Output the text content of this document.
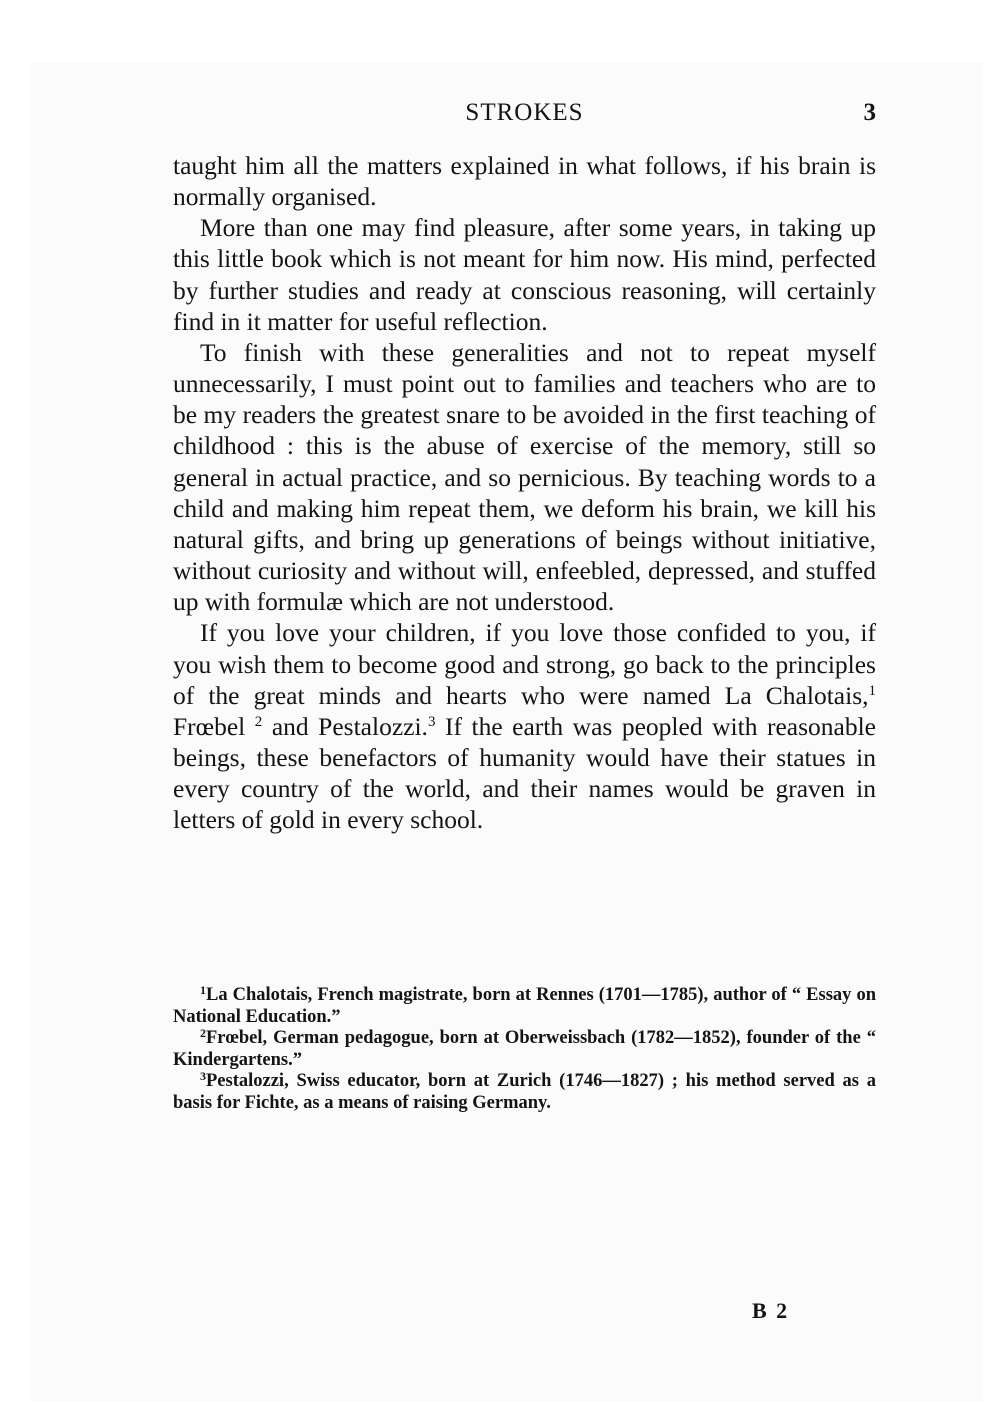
STROKES	3

taught him all the matters explained in what follows, if his brain is normally organised.

More than one may find pleasure, after some years, in taking up this little book which is not meant for him now. His mind, perfected by further studies and ready at conscious reasoning, will certainly find in it matter for useful reflection.

To finish with these generalities and not to repeat myself unnecessarily, I must point out to families and teachers who are to be my readers the greatest snare to be avoided in the first teaching of childhood : this is the abuse of exercise of the memory, still so general in actual practice, and so pernicious. By teaching words to a child and making him repeat them, we deform his brain, we kill his natural gifts, and bring up generations of beings without initiative, without curiosity and without will, enfeebled, depressed, and stuffed up with formulæ which are not understood.

If you love your children, if you love those confided to you, if you wish them to become good and strong, go back to the principles of the great minds and hearts who were named La Chalotais,$^1$ Frœbel $^2$ and Pestalozzi.$^3$ If the earth was peopled with reasonable beings, these benefactors of humanity would have their statues in every country of the world, and their names would be graven in letters of gold in every school.

$^1$La Chalotais, French magistrate, born at Rennes (1701—1785), author of “ Essay on National Education.”

$^2$Frœbel, German pedagogue, born at Oberweissbach (1782—1852), founder of the “ Kindergartens.”

$^3$Pestalozzi, Swiss educator, born at Zurich (1746—1827) ; his method served as a basis for Fichte, as a means of raising Germany.

B 2
